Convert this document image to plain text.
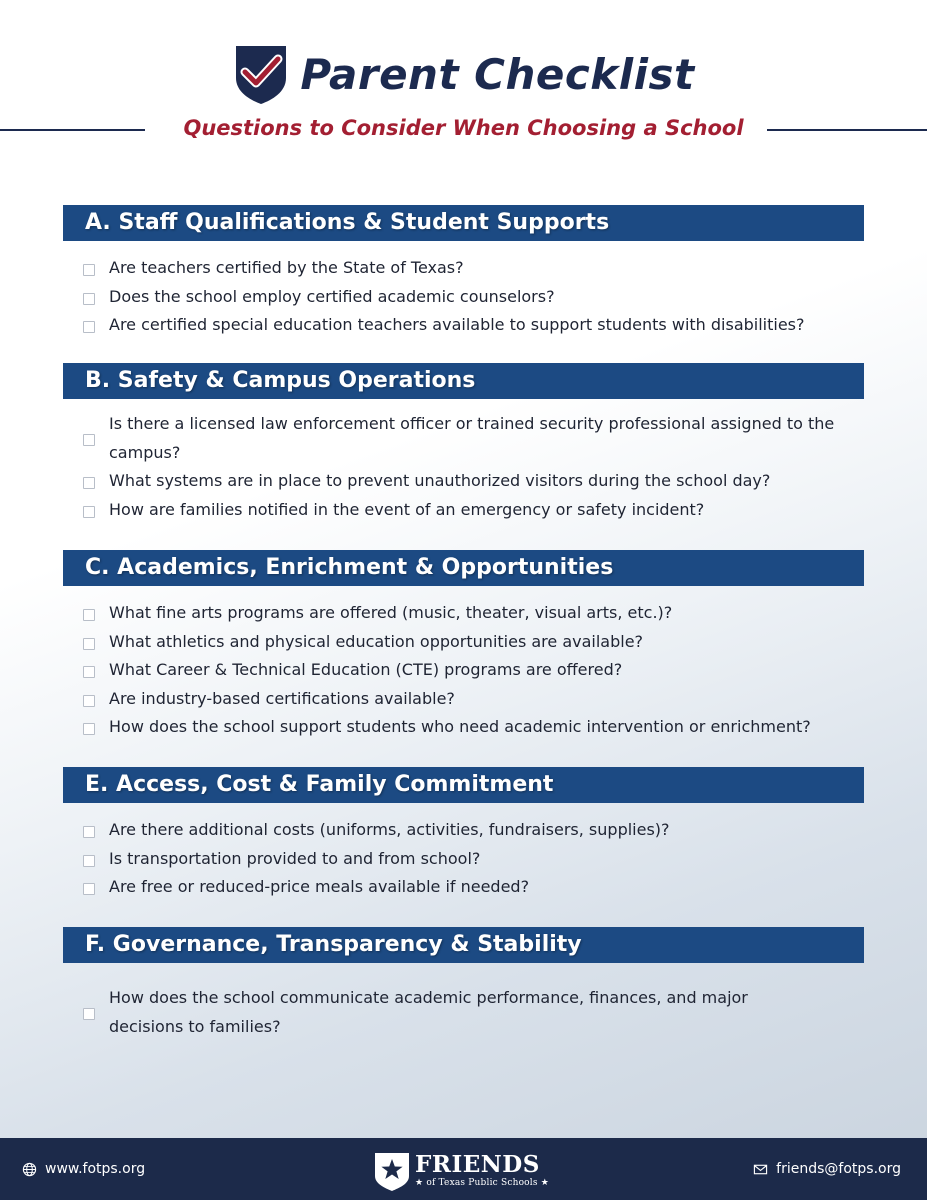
Parent Checklist
Questions to Consider When Choosing a School
A. Staff Qualifications & Student Supports
Are teachers certified by the State of Texas?
Does the school employ certified academic counselors?
Are certified special education teachers available to support students with disabilities?
B. Safety & Campus Operations
Is there a licensed law enforcement officer or trained security professional assigned to the campus?
What systems are in place to prevent unauthorized visitors during the school day?
How are families notified in the event of an emergency or safety incident?
C. Academics, Enrichment & Opportunities
What fine arts programs are offered (music, theater, visual arts, etc.)?
What athletics and physical education opportunities are available?
What Career & Technical Education (CTE) programs are offered?
Are industry-based certifications available?
How does the school support students who need academic intervention or enrichment?
E. Access, Cost & Family Commitment
Are there additional costs (uniforms, activities, fundraisers, supplies)?
Is transportation provided to and from school?
Are free or reduced-price meals available if needed?
F. Governance, Transparency & Stability
How does the school communicate academic performance, finances, and major decisions to families?
www.fotps.org	FRIENDS
★ of Texas Public Schools ★
friends@fotps.org
